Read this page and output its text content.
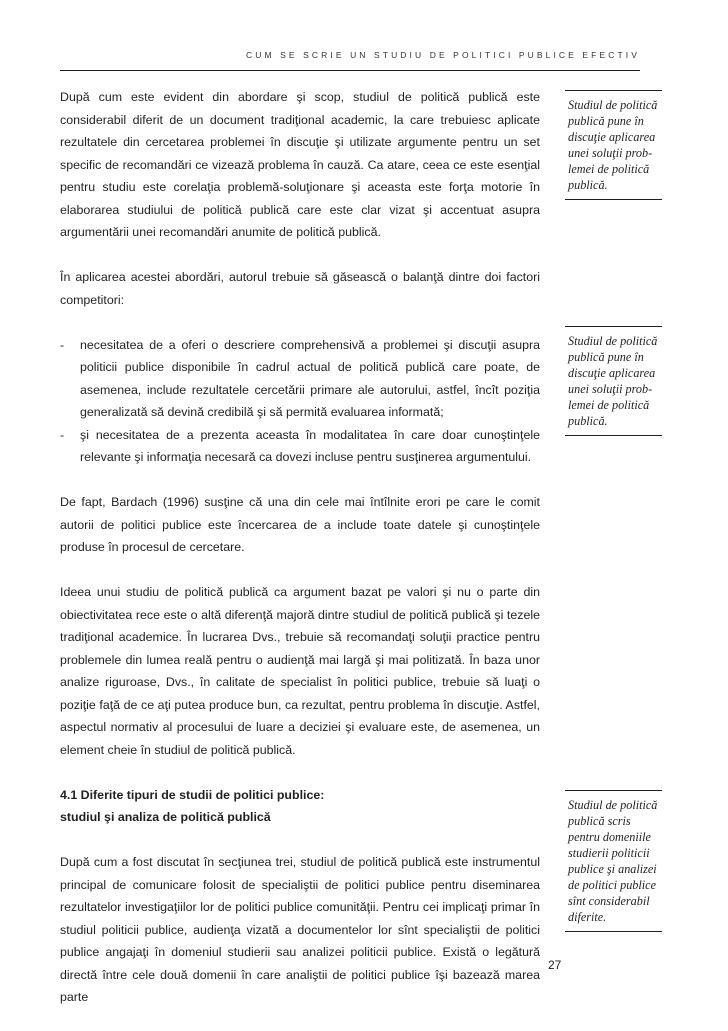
CUM SE SCRIE UN STUDIU DE POLITICI PUBLICE EFECTIV

După cum este evident din abordare şi scop, studiul de politică publică este considerabil diferit de un document tradiţional academic, la care trebuiesc aplicate rezultatele din cercetarea problemei în discuţie şi utilizate argumente pentru un set specific de recomandări ce vizează problema în cauză. Ca atare, ceea ce este esenţial pentru studiu este corelaţia problemă-soluţionare şi aceasta este forţa motorie în elaborarea studiului de politică publică care este clar vizat şi accentuat asupra argumentării unei recomandări anumite de politică publică.

În aplicarea acestei abordări, autorul trebuie să găsească o balanţă dintre doi factori competitori:

- necesitatea de a oferi o descriere comprehensivă a problemei şi discuţii asupra politicii publice disponibile în cadrul actual de politică publică care poate, de asemenea, include rezultatele cercetării primare ale autorului, astfel, încît poziţia generalizată să devină credibilă şi să permită evaluarea informată;
- şi necesitatea de a prezenta aceasta în modalitatea în care doar cunoştinţele relevante şi informaţia necesară ca dovezi incluse pentru susţinerea argumentului.

De fapt, Bardach (1996) susţine că una din cele mai întîlnite erori pe care le comit autorii de politici publice este încercarea de a include toate datele şi cunoştinţele produse în procesul de cercetare.

Ideea unui studiu de politică publică ca argument bazat pe valori şi nu o parte din obiectivitatea rece este o altă diferenţă majoră dintre studiul de politică publică şi tezele tradiţional academice. În lucrarea Dvs., trebuie să recomandaţi soluţii practice pentru problemele din lumea reală pentru o audienţă mai largă şi mai politizată. În baza unor analize riguroase, Dvs., în calitate de specialist în politici publice, trebuie să luaţi o poziţie faţă de ce aţi putea produce bun, ca rezultat, pentru problema în discuţie. Astfel, aspectul normativ al procesului de luare a deciziei şi evaluare este, de asemenea, un element cheie în studiul de politică publică.

4.1 Diferite tipuri de studii de politici publice:
studiul şi analiza de politică publică

După cum a fost discutat în secţiunea trei, studiul de politică publică este instrumentul principal de comunicare folosit de specialiştii de politici publice pentru diseminarea rezultatelor investigaţiilor lor de politici publice comunităţii. Pentru cei implicaţi primar în studiul politicii publice, audienţa vizată a documentelor lor sînt specialiştii de politici publice angajaţi în domeniul studierii sau analizei politicii publice. Există o legătură directă între cele două domenii în care analiştii de politici publice îşi bazează marea parte

Studiul de politică publică pune în discuţie aplicarea unei soluţii prob-lemei de politică publică.
Studiul de politică publică pune în discuţie aplicarea unei soluţii prob-lemei de politică publică.
Studiul de politică publică scris pentru domeniile studierii politicii publice şi analizei de politici publice sînt considerabil diferite.
27
